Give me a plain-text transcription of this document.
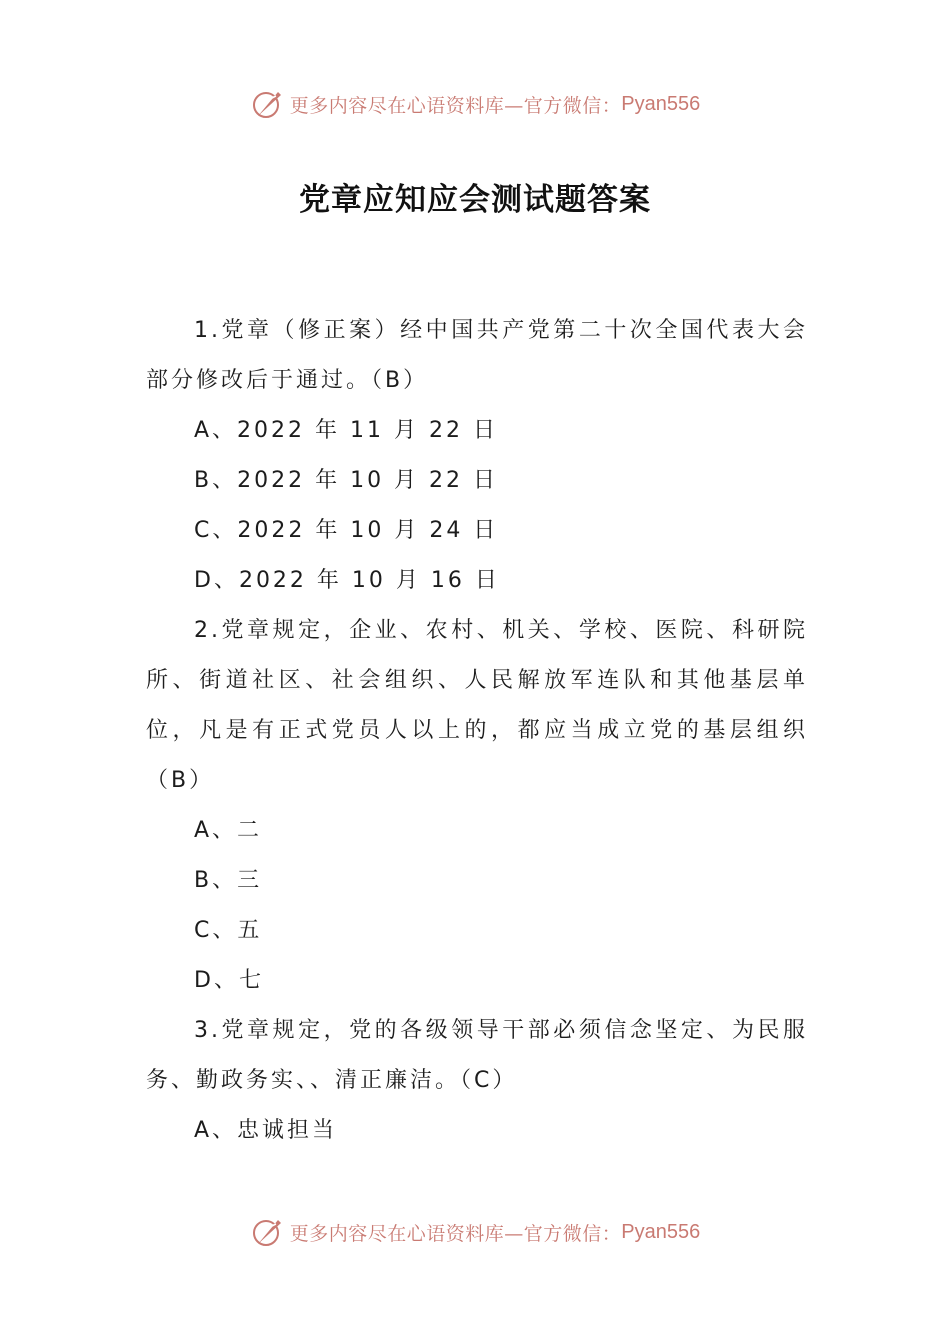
更多内容尽在心语资料库—官方微信： Pyan556
党章应知应会测试题答案

1.党章（修正案）经中国共产党第二十次全国代表大会部分修改后于通过。（B）

A、2022 年 11 月 22 日

B、2022 年 10 月 22 日

C、2022 年 10 月 24 日

D、2022 年 10 月 16 日

2.党章规定，企业、农村、机关、学校、医院、科研院所、街道社区、社会组织、人民解放军连队和其他基层单位，凡是有正式党员人以上的，都应当成立党的基层组织（B）

A、二

B、三

C、五

D、七

3.党章规定，党的各级领导干部必须信念坚定、为民服务、勤政务实、、清正廉洁。（C）

A、忠诚担当

更多内容尽在心语资料库—官方微信： Pyan556
